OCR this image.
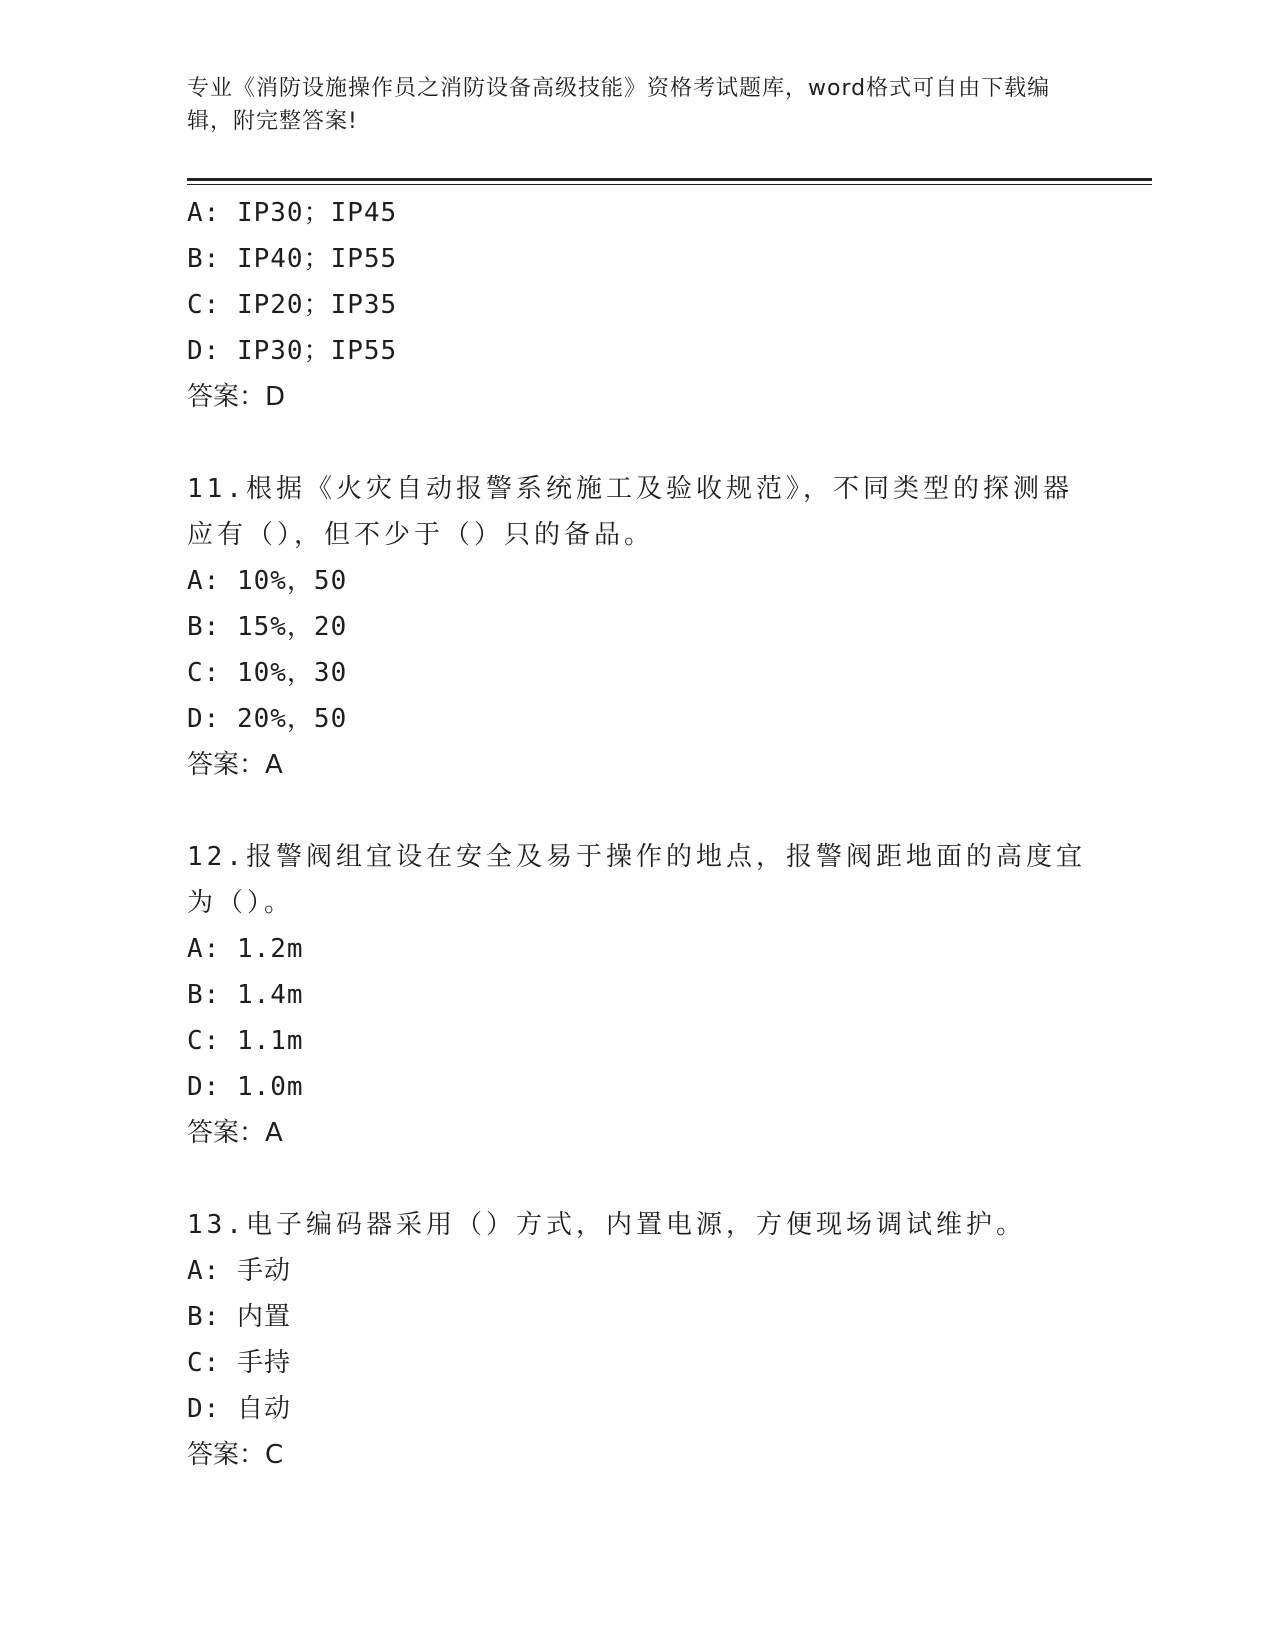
专业《消防设施操作员之消防设备高级技能》资格考试题库，word格式可自由下载编辑，附完整答案!
A: IP30；IP45
B: IP40；IP55
C: IP20；IP35
D: IP30；IP55
答案：D
11.根据《火灾自动报警系统施工及验收规范》，不同类型的探测器应有（），但不少于（）只的备品。
A: 10%，50
B: 15%，20
C: 10%，30
D: 20%，50
答案：A
12.报警阀组宜设在安全及易于操作的地点，报警阀距地面的高度宜为（）。
A: 1.2m
B: 1.4m
C: 1.1m
D: 1.0m
答案：A
13.电子编码器采用（）方式，内置电源，方便现场调试维护。
A: 手动
B: 内置
C: 手持
D: 自动
答案：C
